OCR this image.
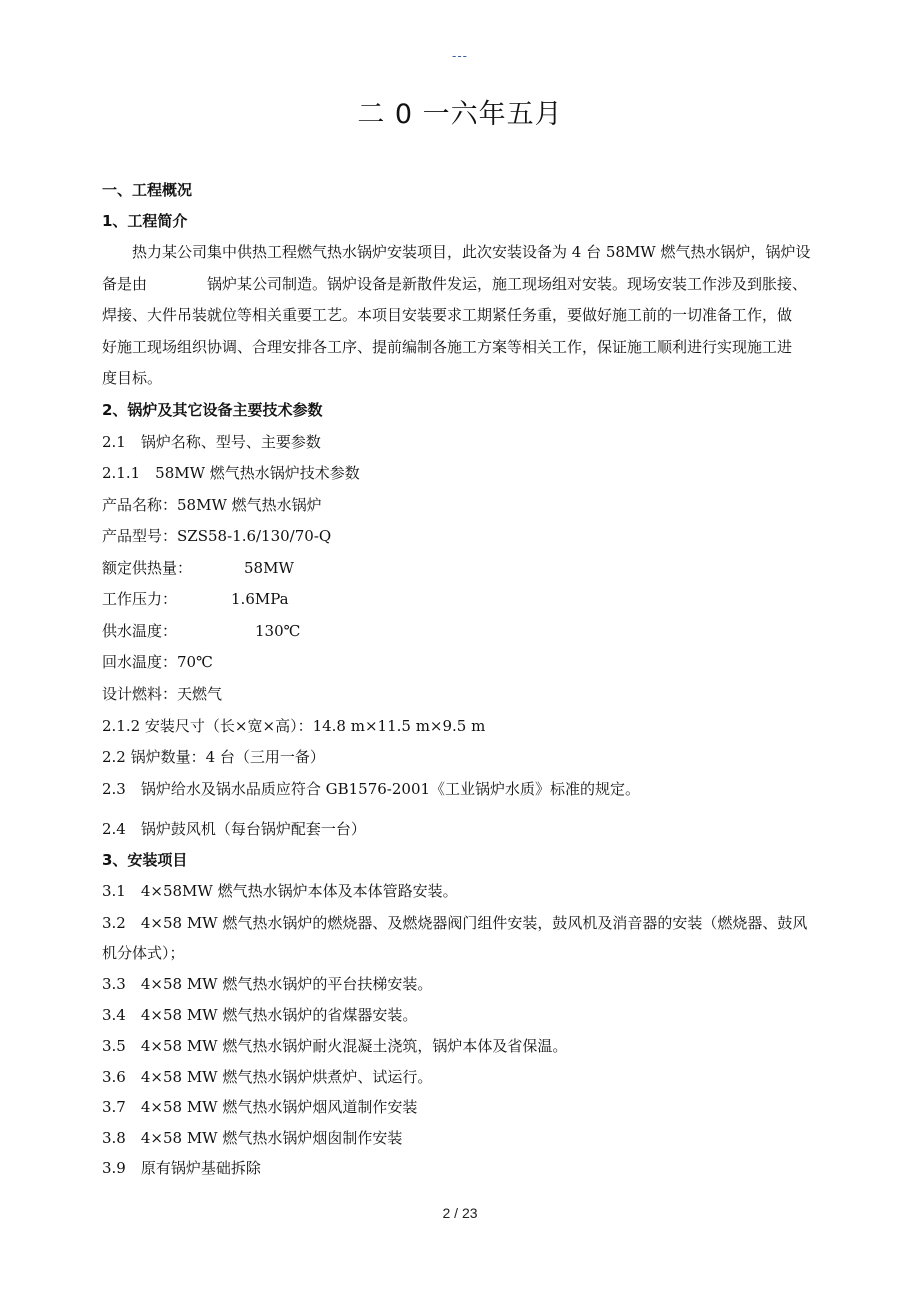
---
二 0 一六年五月
一、工程概况
1、工程简介
　　热力某公司集中供热工程燃气热水锅炉安装项目，此次安装设备为 4 台 58MW 燃气热水锅炉，锅炉设
备是由　　　　锅炉某公司制造。锅炉设备是新散件发运，施工现场组对安装。现场安装工作涉及到胀接、
焊接、大件吊装就位等相关重要工艺。本项目安装要求工期紧任务重，要做好施工前的一切准备工作，做
好施工现场组织协调、合理安排各工序、提前编制各施工方案等相关工作，保证施工顺利进行实现施工进
度目标。
2、锅炉及其它设备主要技术参数
2.1　锅炉名称、型号、主要参数
2.1.1　58MW 燃气热水锅炉技术参数
产品名称：58MW 燃气热水锅炉
产品型号：SZS58-1.6/130/70-Q
额定供热量：	58MW
工作压力：	1.6MPa
供水温度：	130℃
回水温度：70℃
设计燃料：天燃气
2.1.2 安装尺寸（长×宽×高）：14.8 m×11.5 m×9.5 m
2.2 锅炉数量：4 台（三用一备）
2.3　锅炉给水及锅水品质应符合 GB1576-2001《工业锅炉水质》标准的规定。
2.4　锅炉鼓风机（每台锅炉配套一台）
3、安装项目
3.1　4×58MW 燃气热水锅炉本体及本体管路安装。
3.2　4×58 MW 燃气热水锅炉的燃烧器、及燃烧器阀门组件安装，鼓风机及消音器的安装（燃烧器、鼓风
机分体式）；
3.3　4×58 MW 燃气热水锅炉的平台扶梯安装。
3.4　4×58 MW 燃气热水锅炉的省煤器安装。
3.5　4×58 MW 燃气热水锅炉耐火混凝土浇筑，锅炉本体及省保温。
3.6　4×58 MW 燃气热水锅炉烘煮炉、试运行。
3.7　4×58 MW 燃气热水锅炉烟风道制作安装
3.8　4×58 MW 燃气热水锅炉烟囱制作安装
3.9　原有锅炉基础拆除
2 / 23
